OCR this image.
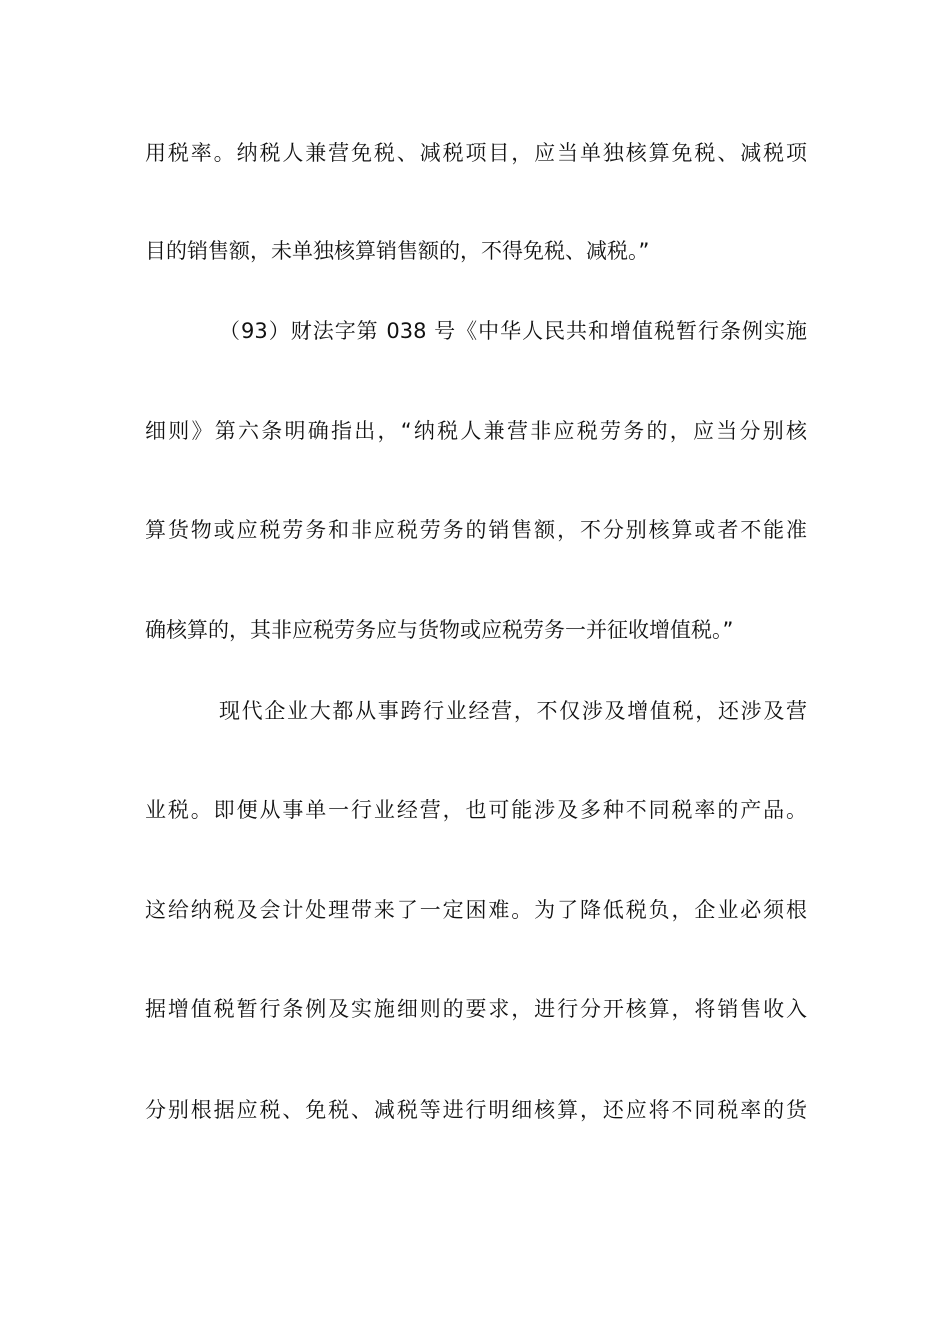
用税率。纳税人兼营免税、减税项目，应当单独核算免税、减税项
目的销售额，未单独核算销售额的，不得免税、减税。”
（93）财法字第 038 号《中华人民共和增值税暂行条例实施
细则》第六条明确指出，“纳税人兼营非应税劳务的，应当分别核
算货物或应税劳务和非应税劳务的销售额，不分别核算或者不能准
确核算的，其非应税劳务应与货物或应税劳务一并征收增值税。”
现代企业大都从事跨行业经营，不仅涉及增值税，还涉及营
业税。即便从事单一行业经营，也可能涉及多种不同税率的产品。
这给纳税及会计处理带来了一定困难。为了降低税负，企业必须根
据增值税暂行条例及实施细则的要求，进行分开核算，将销售收入
分别根据应税、免税、减税等进行明细核算，还应将不同税率的货
